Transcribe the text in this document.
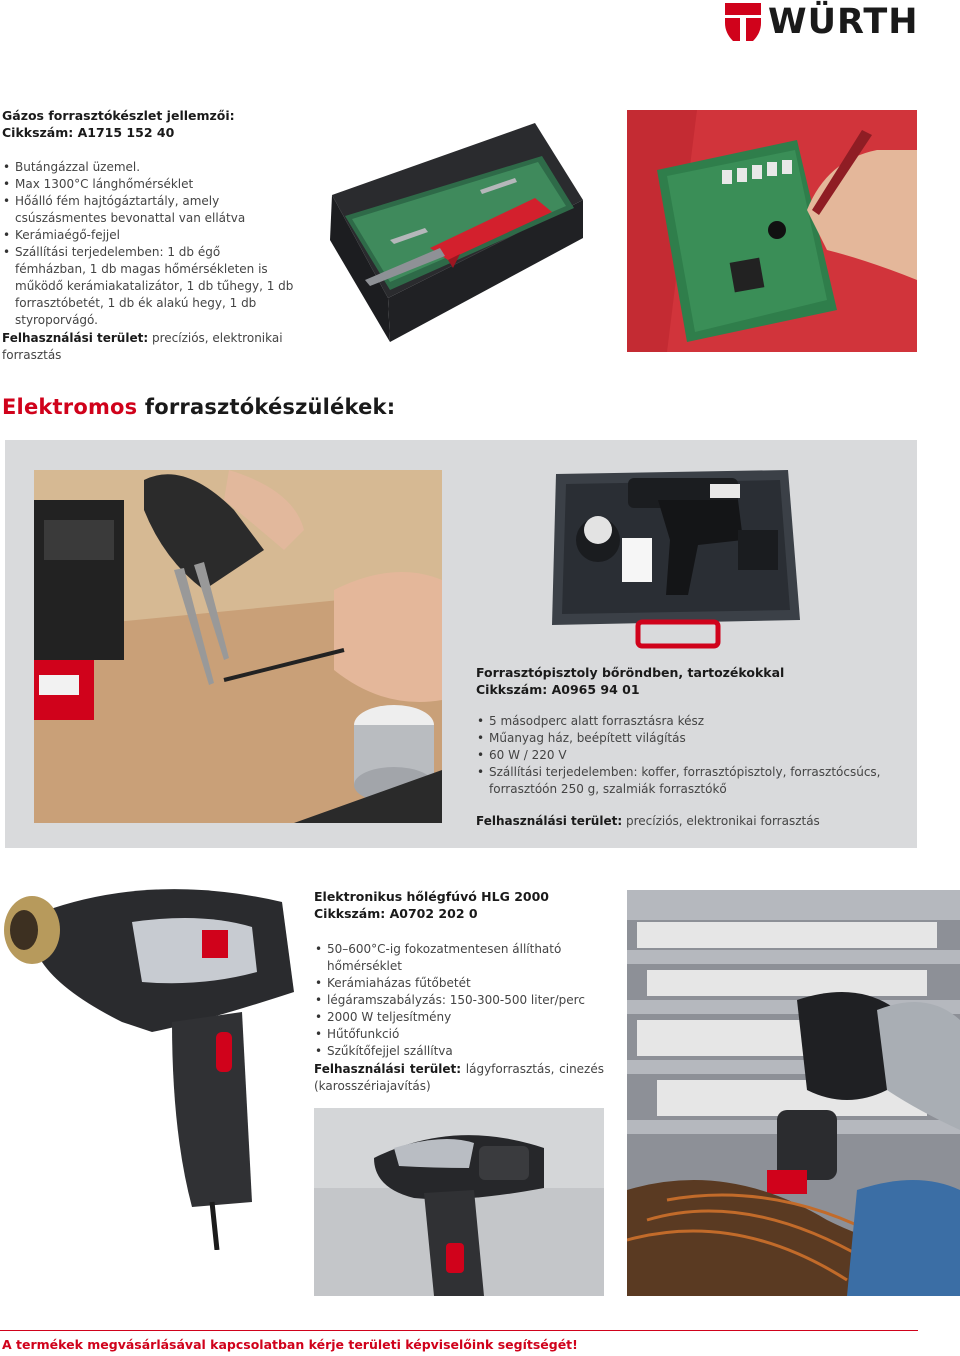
WÜRTH
Gázos forrasztókészlet jellemzői:
Cikkszám: A1715 152 40
• Butángázzal üzemel.
• Max 1300°C lánghőmérséklet
• Hőálló fém hajtógáztartály, amely csúszásmentes bevonattal van ellátva
• Kerámiaégő-fejjel
• Szállítási terjedelemben: 1 db égő fémházban, 1 db magas hőmérsékleten is működő kerámiakatalizátor, 1 db tűhegy, 1 db forrasztóbetét, 1 db ék alakú hegy, 1 db styroporvágó.
Felhasználási terület: precíziós, elektronikai forrasztás
Elektromos forrasztókészülékek:
Forrasztópisztoly bőröndben, tartozékokkal
Cikkszám: A0965 94 01
• 5 másodperc alatt forrasztásra kész
• Műanyag ház, beépített világítás
• 60 W / 220 V
• Szállítási terjedelemben: koffer, forrasztópisztoly, forrasztócsúcs, forrasztóón 250 g, szalmiák forrasztókő
Felhasználási terület: precíziós, elektronikai forrasztás
Elektronikus hőlégfúvó HLG 2000
Cikkszám: A0702 202 0
• 50–600°C-ig fokozatmentesen állítható hőmérséklet
• Kerámiaházas fűtőbetét
• légáramszabályzás: 150-300-500 liter/perc
• 2000 W teljesítmény
• Hűtőfunkció
• Szűkítőfejjel szállítva
Felhasználási terület: lágyforrasztás, cinezés (karosszériajavítás)
A termékek megvásárlásával kapcsolatban kérje területi képviselőink segítségét!
